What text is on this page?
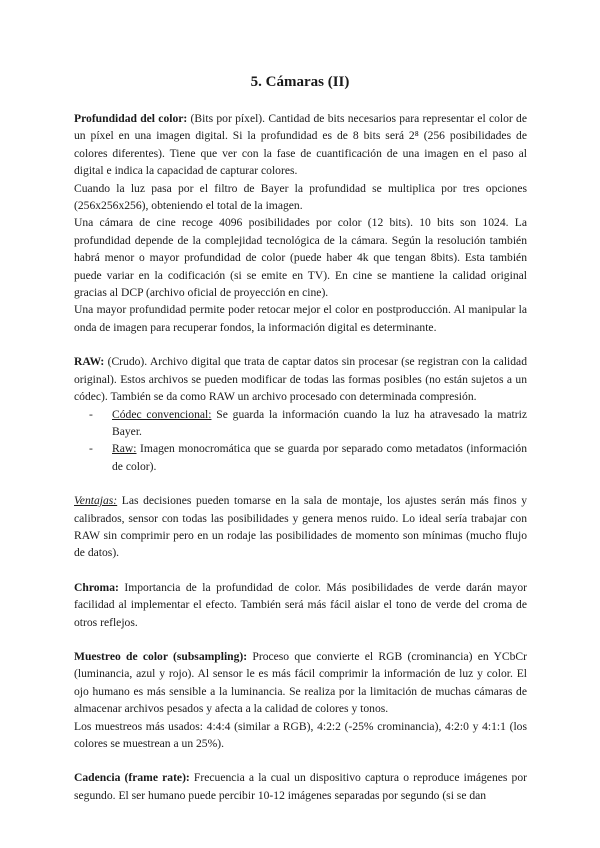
5. Cámaras (II)

Profundidad del color: (Bits por píxel). Cantidad de bits necesarios para representar el color de un píxel en una imagen digital. Si la profundidad es de 8 bits será 2⁸ (256 posibilidades de colores diferentes). Tiene que ver con la fase de cuantificación de una imagen en el paso al digital e indica la capacidad de capturar colores.

Cuando la luz pasa por el filtro de Bayer la profundidad se multiplica por tres opciones (256x256x256), obteniendo el total de la imagen.

Una cámara de cine recoge 4096 posibilidades por color (12 bits). 10 bits son 1024. La profundidad depende de la complejidad tecnológica de la cámara. Según la resolución también habrá menor o mayor profundidad de color (puede haber 4k que tengan 8bits). Esta también puede variar en la codificación (si se emite en TV). En cine se mantiene la calidad original gracias al DCP (archivo oficial de proyección en cine).

Una mayor profundidad permite poder retocar mejor el color en postproducción. Al manipular la onda de imagen para recuperar fondos, la información digital es determinante.

RAW: (Crudo). Archivo digital que trata de captar datos sin procesar (se registran con la calidad original). Estos archivos se pueden modificar de todas las formas posibles (no están sujetos a un códec). También se da como RAW un archivo procesado con determinada compresión.

- Códec convencional: Se guarda la información cuando la luz ha atravesado la matriz Bayer.
- Raw: Imagen monocromática que se guarda por separado como metadatos (información de color).

Ventajas: Las decisiones pueden tomarse en la sala de montaje, los ajustes serán más finos y calibrados, sensor con todas las posibilidades y genera menos ruido. Lo ideal sería trabajar con RAW sin comprimir pero en un rodaje las posibilidades de momento son mínimas (mucho flujo de datos).

Chroma: Importancia de la profundidad de color. Más posibilidades de verde darán mayor facilidad al implementar el efecto. También será más fácil aislar el tono de verde del croma de otros reflejos.

Muestreo de color (subsampling): Proceso que convierte el RGB (crominancia) en YCbCr (luminancia, azul y rojo). Al sensor le es más fácil comprimir la información de luz y color. El ojo humano es más sensible a la luminancia. Se realiza por la limitación de muchas cámaras de almacenar archivos pesados y afecta a la calidad de colores y tonos.

Los muestreos más usados: 4:4:4 (similar a RGB), 4:2:2 (-25% crominancia), 4:2:0 y 4:1:1 (los colores se muestrean a un 25%).

Cadencia (frame rate): Frecuencia a la cual un dispositivo captura o reproduce imágenes por segundo. El ser humano puede percibir 10-12 imágenes separadas por segundo (si se dan
